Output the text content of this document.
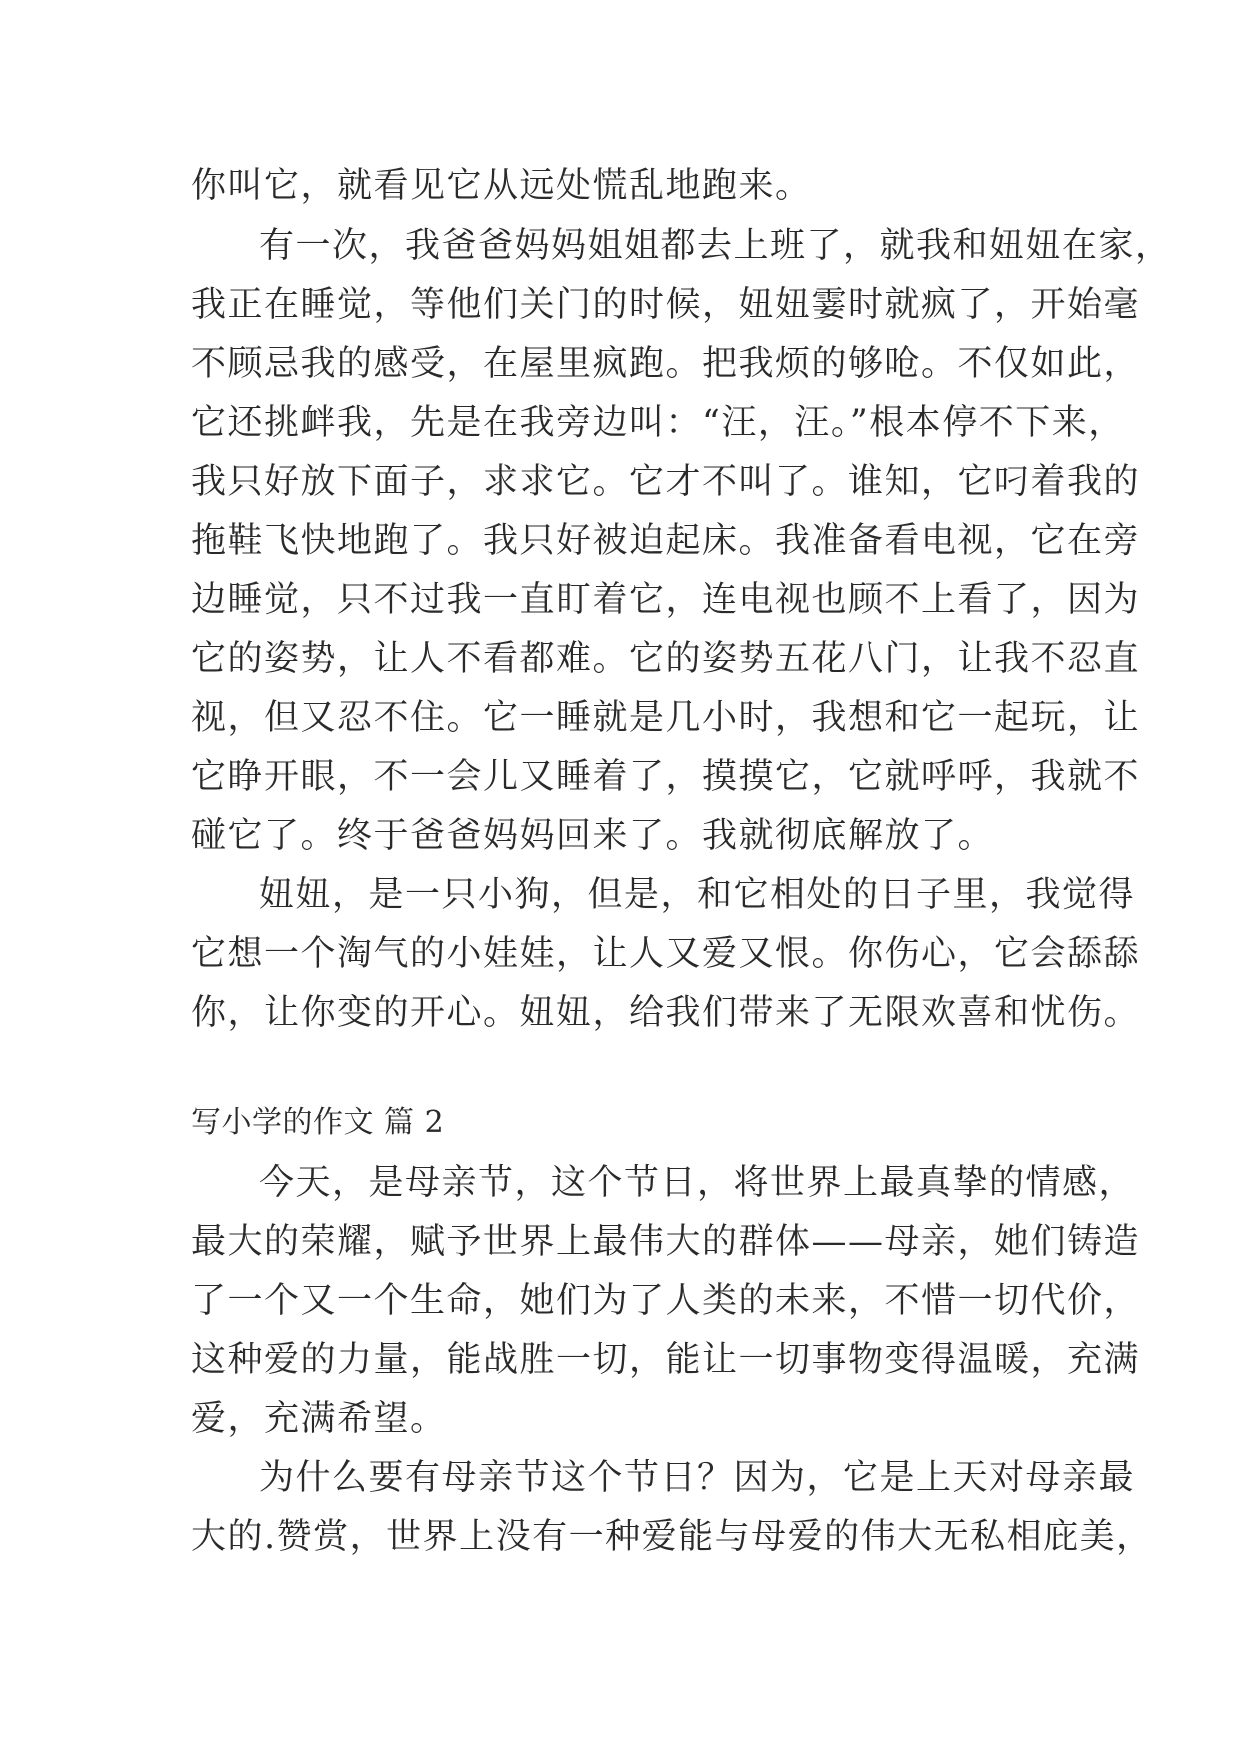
你叫它，就看见它从远处慌乱地跑来。
有一次，我爸爸妈妈姐姐都去上班了，就我和妞妞在家，
我正在睡觉，等他们关门的时候，妞妞霎时就疯了，开始毫
不顾忌我的感受，在屋里疯跑。把我烦的够呛。不仅如此，
它还挑衅我，先是在我旁边叫：“汪，汪。”根本停不下来，
我只好放下面子，求求它。它才不叫了。谁知，它叼着我的
拖鞋飞快地跑了。我只好被迫起床。我准备看电视，它在旁
边睡觉，只不过我一直盯着它，连电视也顾不上看了，因为
它的姿势，让人不看都难。它的姿势五花八门，让我不忍直
视，但又忍不住。它一睡就是几小时，我想和它一起玩，让
它睁开眼，不一会儿又睡着了，摸摸它，它就呼呼，我就不
碰它了。终于爸爸妈妈回来了。我就彻底解放了。
妞妞，是一只小狗，但是，和它相处的日子里，我觉得
它想一个淘气的小娃娃，让人又爱又恨。你伤心，它会舔舔
你，让你变的开心。妞妞，给我们带来了无限欢喜和忧伤。
写小学的作文 篇 2
今天，是母亲节，这个节日，将世界上最真挚的情感，
最大的荣耀，赋予世界上最伟大的群体——母亲，她们铸造
了一个又一个生命，她们为了人类的未来，不惜一切代价，
这种爱的力量，能战胜一切，能让一切事物变得温暖，充满
爱，充满希望。
为什么要有母亲节这个节日？因为，它是上天对母亲最
大的.赞赏，世界上没有一种爱能与母爱的伟大无私相庇美，
